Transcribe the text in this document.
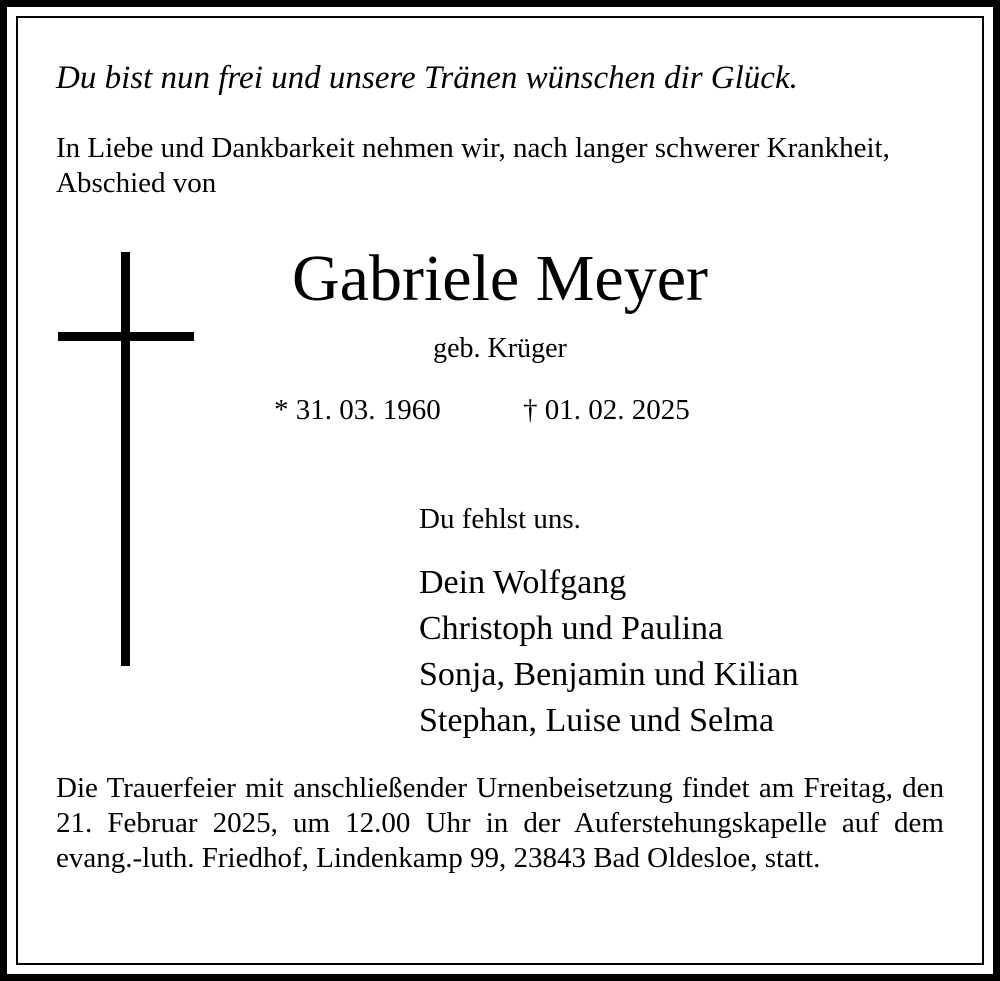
Du bist nun frei und unsere Tränen wünschen dir Glück.
In Liebe und Dankbarkeit nehmen wir, nach langer schwerer Krankheit, Abschied von
Gabriele Meyer
geb. Krüger
* 31. 03. 1960	† 01. 02. 2025
Du fehlst uns.
Dein Wolfgang
Christoph und Paulina
Sonja, Benjamin und Kilian
Stephan, Luise und Selma

Die Trauerfeier mit anschließender Urnenbeisetzung findet am Freitag, den 21. Februar 2025, um 12.00 Uhr in der Auferstehungskapelle auf dem evang.-luth. Friedhof, Lindenkamp 99, 23843 Bad Oldesloe, statt.
